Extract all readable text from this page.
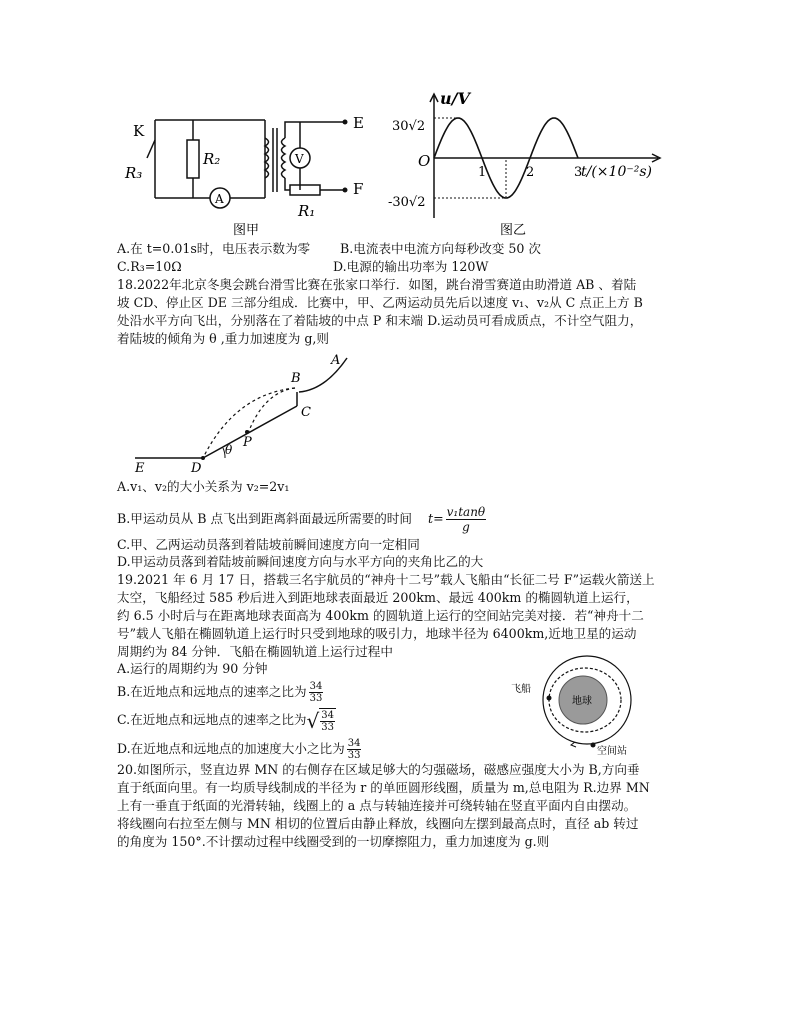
K
R₃
R₂
A
V
E
F
R₁
图甲
u/V
30√2
-30√2
O
1	2	3
t/(×10⁻²s)
图乙
A.在 t=0.01s时，电压表示数为零 B.电流表中电流方向每秒改变 50 次
C.R₃=10Ω	D.电源的输出功率为 120W
18.2022年北京冬奥会跳台滑雪比赛在张家口举行．如图，跳台滑雪赛道由助滑道 AB 、着陆
坡 CD、停止区 DE 三部分组成．比赛中，甲、乙两运动员先后以速度 v₁、v₂从 C 点正上方 B
处沿水平方向飞出，分别落在了着陆坡的中点 P 和末端 D.运动员可看成质点，不计空气阻力，
着陆坡的倾角为 θ ,重力加速度为 g,则
A
B
C
P
D
E
θ
A.v₁、v₂的大小关系为 v₂=2v₁
B.甲运动员从 B 点飞出到距离斜面最远所需要的时间 $t= \frac{\text{v₁tanθ}}{g}$
C.甲、乙两运动员落到着陆坡前瞬间速度方向一定相同
D.甲运动员落到着陆坡前瞬间速度方向与水平方向的夹角比乙的大
19.2021 年 6 月 17 日，搭载三名宇航员的“神舟十二号”载人飞船由“长征二号 F”运载火箭送上
太空，飞船经过 585 秒后进入到距地球表面最近 200km、最远 400km 的椭圆轨道上运行，
约 6.5 小时后与在距离地球表面高为 400km 的圆轨道上运行的空间站完美对接．若“神舟十二
号”载人飞船在椭圆轨道上运行时只受到地球的吸引力，地球半径为 6400km,近地卫星的运动
周期约为 84 分钟．飞船在椭圆轨道上运行过程中
A.运行的周期约为 90 分钟
B.在近地点和远地点的速率之比为 $\frac{34}{33}$
C.在近地点和远地点的速率之比为 √ $\frac{34}{33}$
D.在近地点和远地点的加速度大小之比为 $\frac{34}{33}$
飞船
地球
空间站
20.如图所示，竖直边界 MN 的右侧存在区域足够大的匀强磁场，磁感应强度大小为 B,方向垂
直于纸面向里。有一均质导线制成的半径为 r 的单匝圆形线圈，质量为 m,总电阻为 R.边界 MN
上有一垂直于纸面的光滑转轴，线圈上的 a 点与转轴连接并可绕转轴在竖直平面内自由摆动。
将线圈向右拉至左侧与 MN 相切的位置后由静止释放，线圈向左摆到最高点时，直径 ab 转过
的角度为 150°.不计摆动过程中线圈受到的一切摩擦阻力，重力加速度为 g.则
